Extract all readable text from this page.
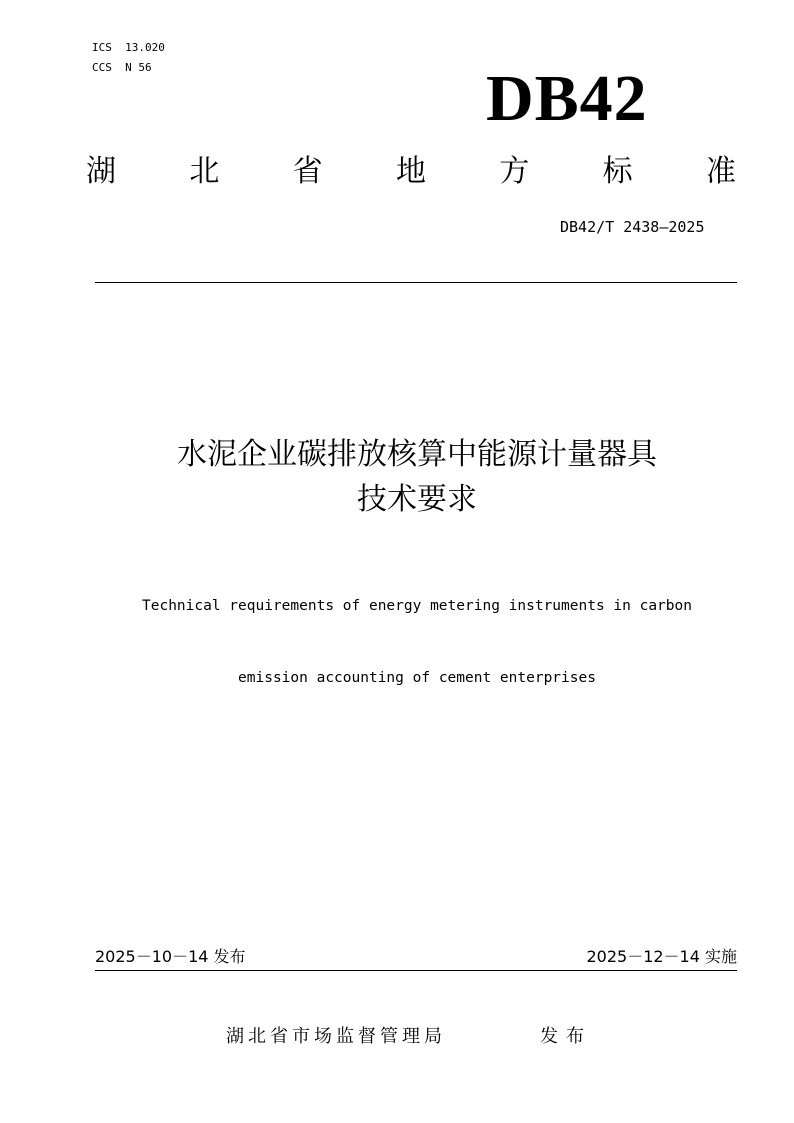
ICS  13.020
CCS  N 56	DB42
湖 北 省 地 方 标 准
DB42/T 2438—2025
水泥企业碳排放核算中能源计量器具
技术要求

Technical requirements of energy metering instruments in carbon

emission accounting of cement enterprises

2025－10－14 发布	2025－12－14 实施
湖北省市场监督管理局	发布
